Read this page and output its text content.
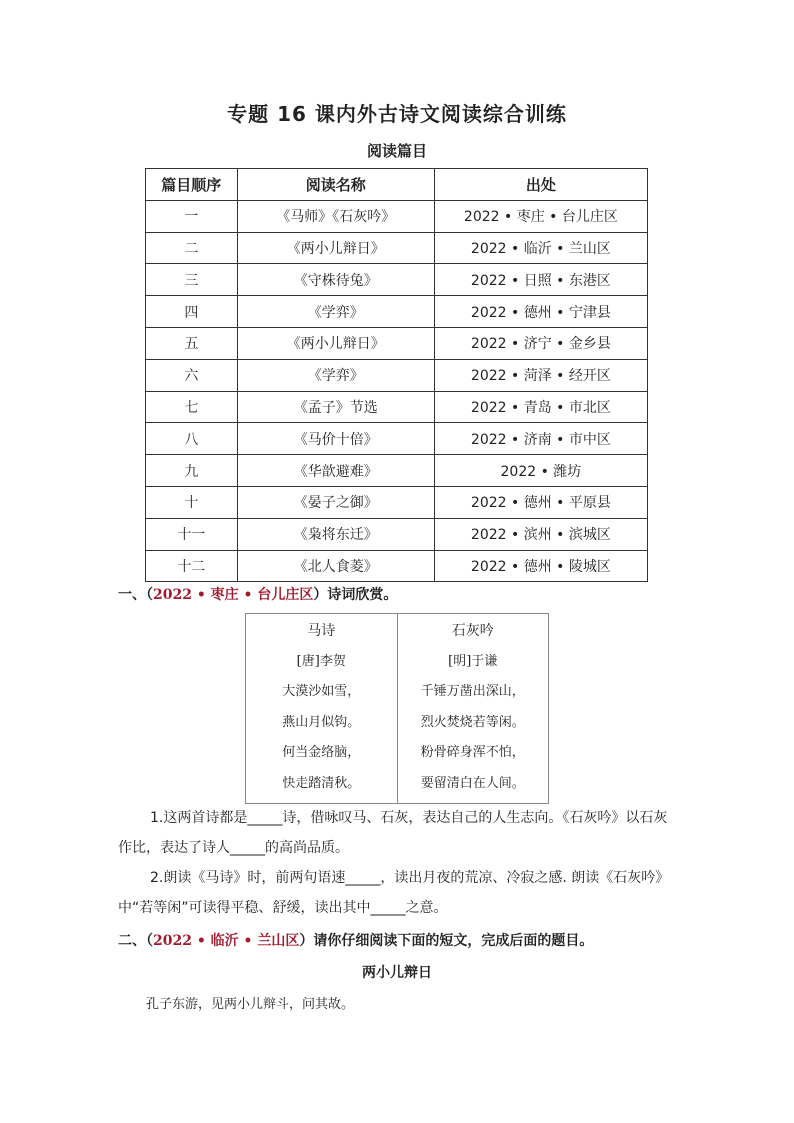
专题 16 课内外古诗文阅读综合训练
阅读篇目
篇目顺序	阅读名称	出处
一	《马师》《石灰吟》	2022 • 枣庄 • 台儿庄区
二	《两小儿辩日》	2022 • 临沂 • 兰山区
三	《守株待兔》	2022 • 日照 • 东港区
四	《学弈》	2022 • 德州 • 宁津县
五	《两小儿辩日》	2022 • 济宁 • 金乡县
六	《学弈》	2022 • 菏泽 • 经开区
七	《孟子》节选	2022 • 青岛 • 市北区
八	《马价十倍》	2022 • 济南 • 市中区
九	《华歆避难》	2022 • 潍坊
十	《晏子之御》	2022 • 德州 • 平原县
十一	《枭将东迁》	2022 • 滨州 • 滨城区
十二	《北人食菱》	2022 • 德州 • 陵城区
一、（2022 • 枣庄 • 台儿庄区）诗词欣赏。
马诗
[唐]李贺
大漠沙如雪，
燕山月似钩。
何当金络脑，
快走踏清秋。
石灰吟
[明]于谦
千锤万凿出深山，
烈火焚烧若等闲。
粉骨碎身浑不怕，
要留清白在人间。
1.这两首诗都是_____诗，借咏叹马、石灰，表达自己的人生志向。《石灰吟》以石灰作比，表达了诗人_____的高尚品质。
2.朗读《马诗》时，前两句语速_____，读出月夜的荒凉、冷寂之感. 朗读《石灰吟》中“若等闲”可读得平稳、舒缓，读出其中_____之意。
二、（2022 • 临沂 • 兰山区）请你仔细阅读下面的短文，完成后面的题目。
两小儿辩日
孔子东游，见两小儿辩斗，问其故。
